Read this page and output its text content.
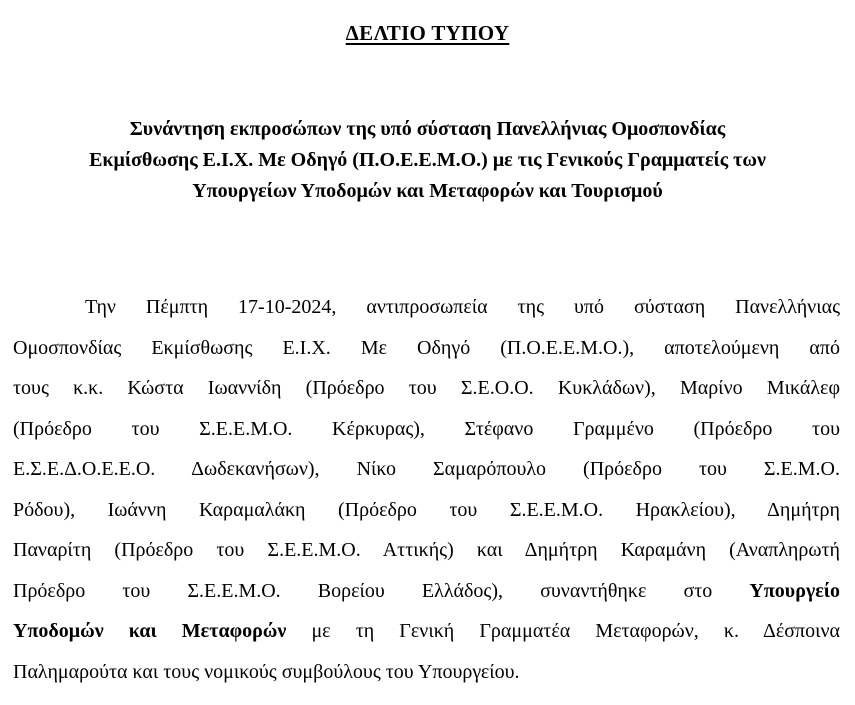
ΔΕΛΤΙΟ ΤΥΠΟΥ
Συνάντηση εκπροσώπων της υπό σύσταση Πανελλήνιας Ομοσπονδίας
Εκμίσθωσης Ε.Ι.Χ. Με Οδηγό (Π.Ο.Ε.Ε.Μ.Ο.) με τις Γενικούς Γραμματείς των
Υπουργείων Υποδομών και Μεταφορών και Τουρισμού
Την Πέμπτη 17-10-2024, αντιπροσωπεία της υπό σύσταση Πανελλήνιας
Ομοσπονδίας Εκμίσθωσης Ε.Ι.Χ. Με Οδηγό (Π.Ο.Ε.Ε.Μ.Ο.), αποτελούμενη από
τους κ.κ. Κώστα Ιωαννίδη (Πρόεδρο του Σ.Ε.Ο.Ο. Κυκλάδων), Μαρίνο Μικάλεφ
(Πρόεδρο του Σ.Ε.Ε.Μ.Ο. Κέρκυρας), Στέφανο Γραμμένο (Πρόεδρο του
Ε.Σ.Ε.Δ.Ο.Ε.Ε.Ο. Δωδεκανήσων), Νίκο Σαμαρόπουλο (Πρόεδρο του Σ.Ε.Μ.Ο.
Ρόδου), Ιωάννη Καραμαλάκη (Πρόεδρο του Σ.Ε.Ε.Μ.Ο. Ηρακλείου), Δημήτρη
Παναρίτη (Πρόεδρο του Σ.Ε.Ε.Μ.Ο. Αττικής) και Δημήτρη Καραμάνη (Αναπληρωτή
Πρόεδρο του Σ.Ε.Ε.Μ.Ο. Βορείου Ελλάδος), συναντήθηκε στο Υπουργείο
Υποδομών και Μεταφορών με τη Γενική Γραμματέα Μεταφορών, κ. Δέσποινα
Παλημαρούτα και τους νομικούς συμβούλους του Υπουργείου.
